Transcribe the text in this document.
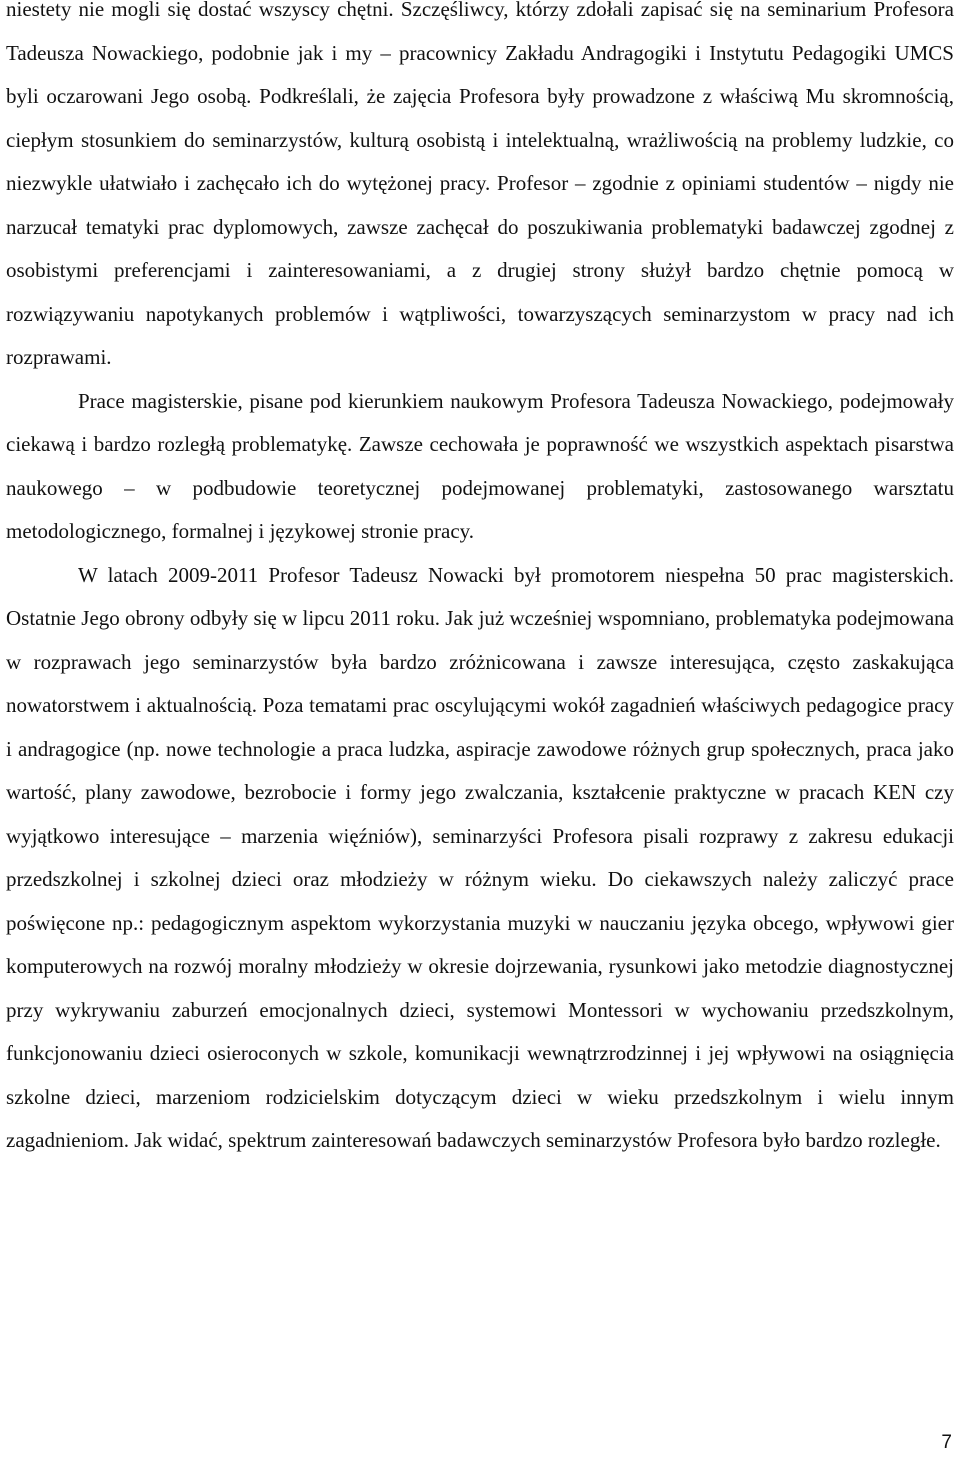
niestety nie mogli się dostać wszyscy chętni. Szczęśliwcy, którzy zdołali zapisać się na seminarium Profesora Tadeusza Nowackiego, podobnie jak i my – pracownicy Zakładu Andragogiki i Instytutu Pedagogiki UMCS byli oczarowani Jego osobą. Podkreślali, że zajęcia Profesora były prowadzone z właściwą Mu skromnością, ciepłym stosunkiem do seminarzystów, kulturą osobistą i intelektualną, wrażliwością na problemy ludzkie, co niezwykle ułatwiało i zachęcało ich do wytężonej pracy. Profesor – zgodnie z opiniami studentów – nigdy nie narzucał tematyki prac dyplomowych, zawsze zachęcał do poszukiwania problematyki badawczej zgodnej z osobistymi preferencjami i zainteresowaniami, a z drugiej strony służył bardzo chętnie pomocą w rozwiązywaniu napotykanych problemów i wątpliwości, towarzyszących seminarzystom w pracy nad ich rozprawami.

Prace magisterskie, pisane pod kierunkiem naukowym Profesora Tadeusza Nowackiego, podejmowały ciekawą i bardzo rozległą problematykę. Zawsze cechowała je poprawność we wszystkich aspektach pisarstwa naukowego – w podbudowie teoretycznej podejmowanej problematyki, zastosowanego warsztatu metodologicznego, formalnej i językowej stronie pracy.

W latach 2009-2011 Profesor Tadeusz Nowacki był promotorem niespełna 50 prac magisterskich. Ostatnie Jego obrony odbyły się w lipcu 2011 roku. Jak już wcześniej wspomniano, problematyka podejmowana w rozprawach jego seminarzystów była bardzo zróżnicowana i zawsze interesująca, często zaskakująca nowatorstwem i aktualnością. Poza tematami prac oscylującymi wokół zagadnień właściwych pedagogice pracy i andragogice (np. nowe technologie a praca ludzka, aspiracje zawodowe różnych grup społecznych, praca jako wartość, plany zawodowe, bezrobocie i formy jego zwalczania, kształcenie praktyczne w pracach KEN czy wyjątkowo interesujące – marzenia więźniów), seminarzyści Profesora pisali rozprawy z zakresu edukacji przedszkolnej i szkolnej dzieci oraz młodzieży w różnym wieku. Do ciekawszych należy zaliczyć prace poświęcone np.: pedagogicznym aspektom wykorzystania muzyki w nauczaniu języka obcego, wpływowi gier komputerowych na rozwój moralny młodzieży w okresie dojrzewania, rysunkowi jako metodzie diagnostycznej przy wykrywaniu zaburzeń emocjonalnych dzieci, systemowi Montessori w wychowaniu przedszkolnym, funkcjonowaniu dzieci osieroconych w szkole, komunikacji wewnątrzrodzinnej i jej wpływowi na osiągnięcia szkolne dzieci, marzeniom rodzicielskim dotyczącym dzieci w wieku przedszkolnym i wielu innym zagadnieniom. Jak widać, spektrum zainteresowań badawczych seminarzystów Profesora było bardzo rozległe.

7
